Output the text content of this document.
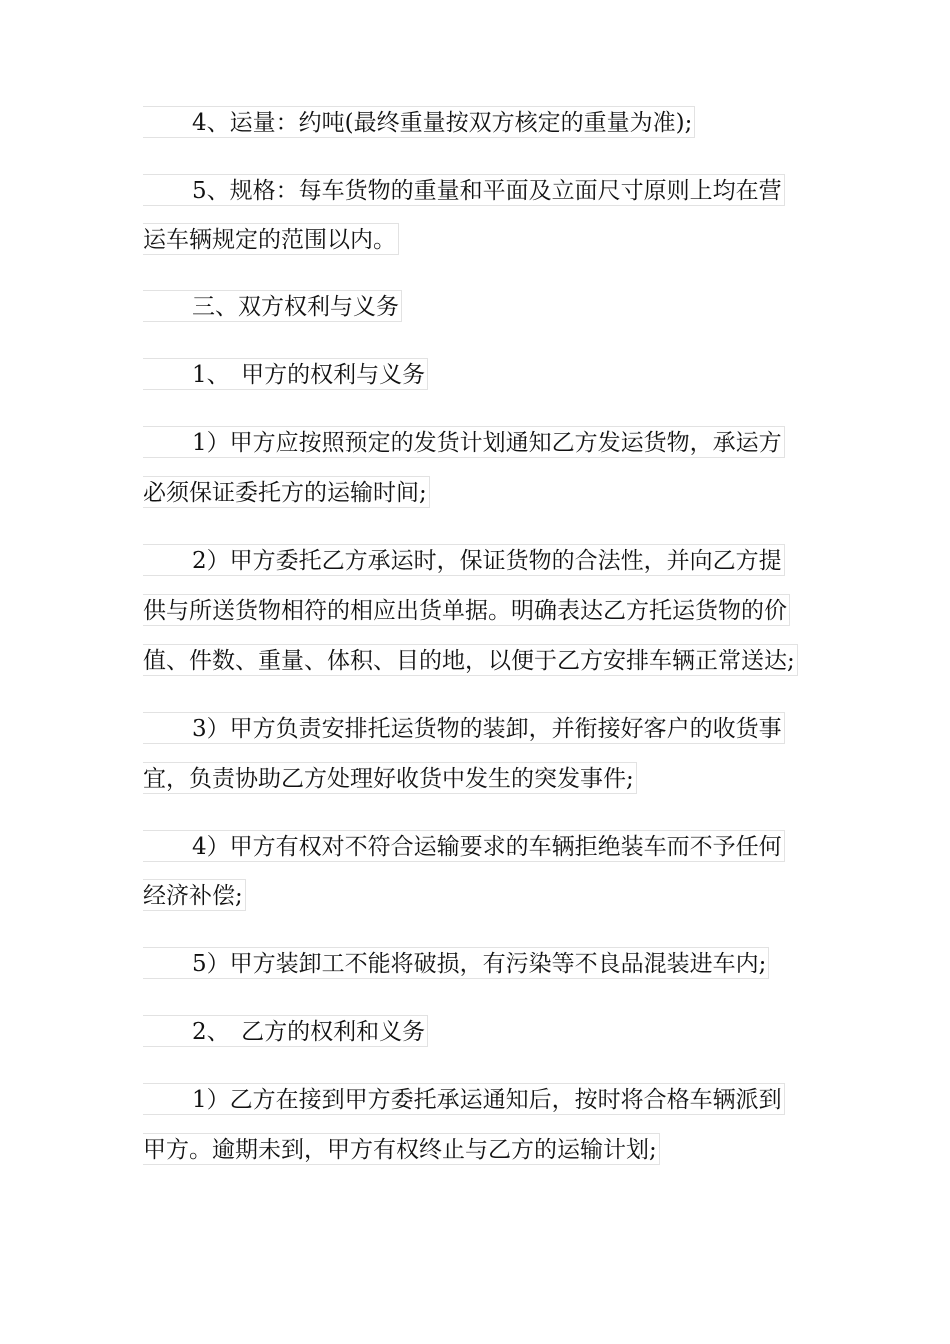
4、运量：约吨(最终重量按双方核定的重量为准);
5、规格：每车货物的重量和平面及立面尺寸原则上均在营
运车辆规定的范围以内。
三、双方权利与义务
1、　甲方的权利与义务
1）甲方应按照预定的发货计划通知乙方发运货物，承运方
必须保证委托方的运输时间;
2）甲方委托乙方承运时，保证货物的合法性，并向乙方提
供与所送货物相符的相应出货单据。明确表达乙方托运货物的价
值、件数、重量、体积、目的地，以便于乙方安排车辆正常送达;
3）甲方负责安排托运货物的装卸，并衔接好客户的收货事
宜，负责协助乙方处理好收货中发生的突发事件;
4）甲方有权对不符合运输要求的车辆拒绝装车而不予任何
经济补偿;
5）甲方装卸工不能将破损，有污染等不良品混装进车内;
2、　乙方的权利和义务
1）乙方在接到甲方委托承运通知后，按时将合格车辆派到
甲方。逾期未到，甲方有权终止与乙方的运输计划;
